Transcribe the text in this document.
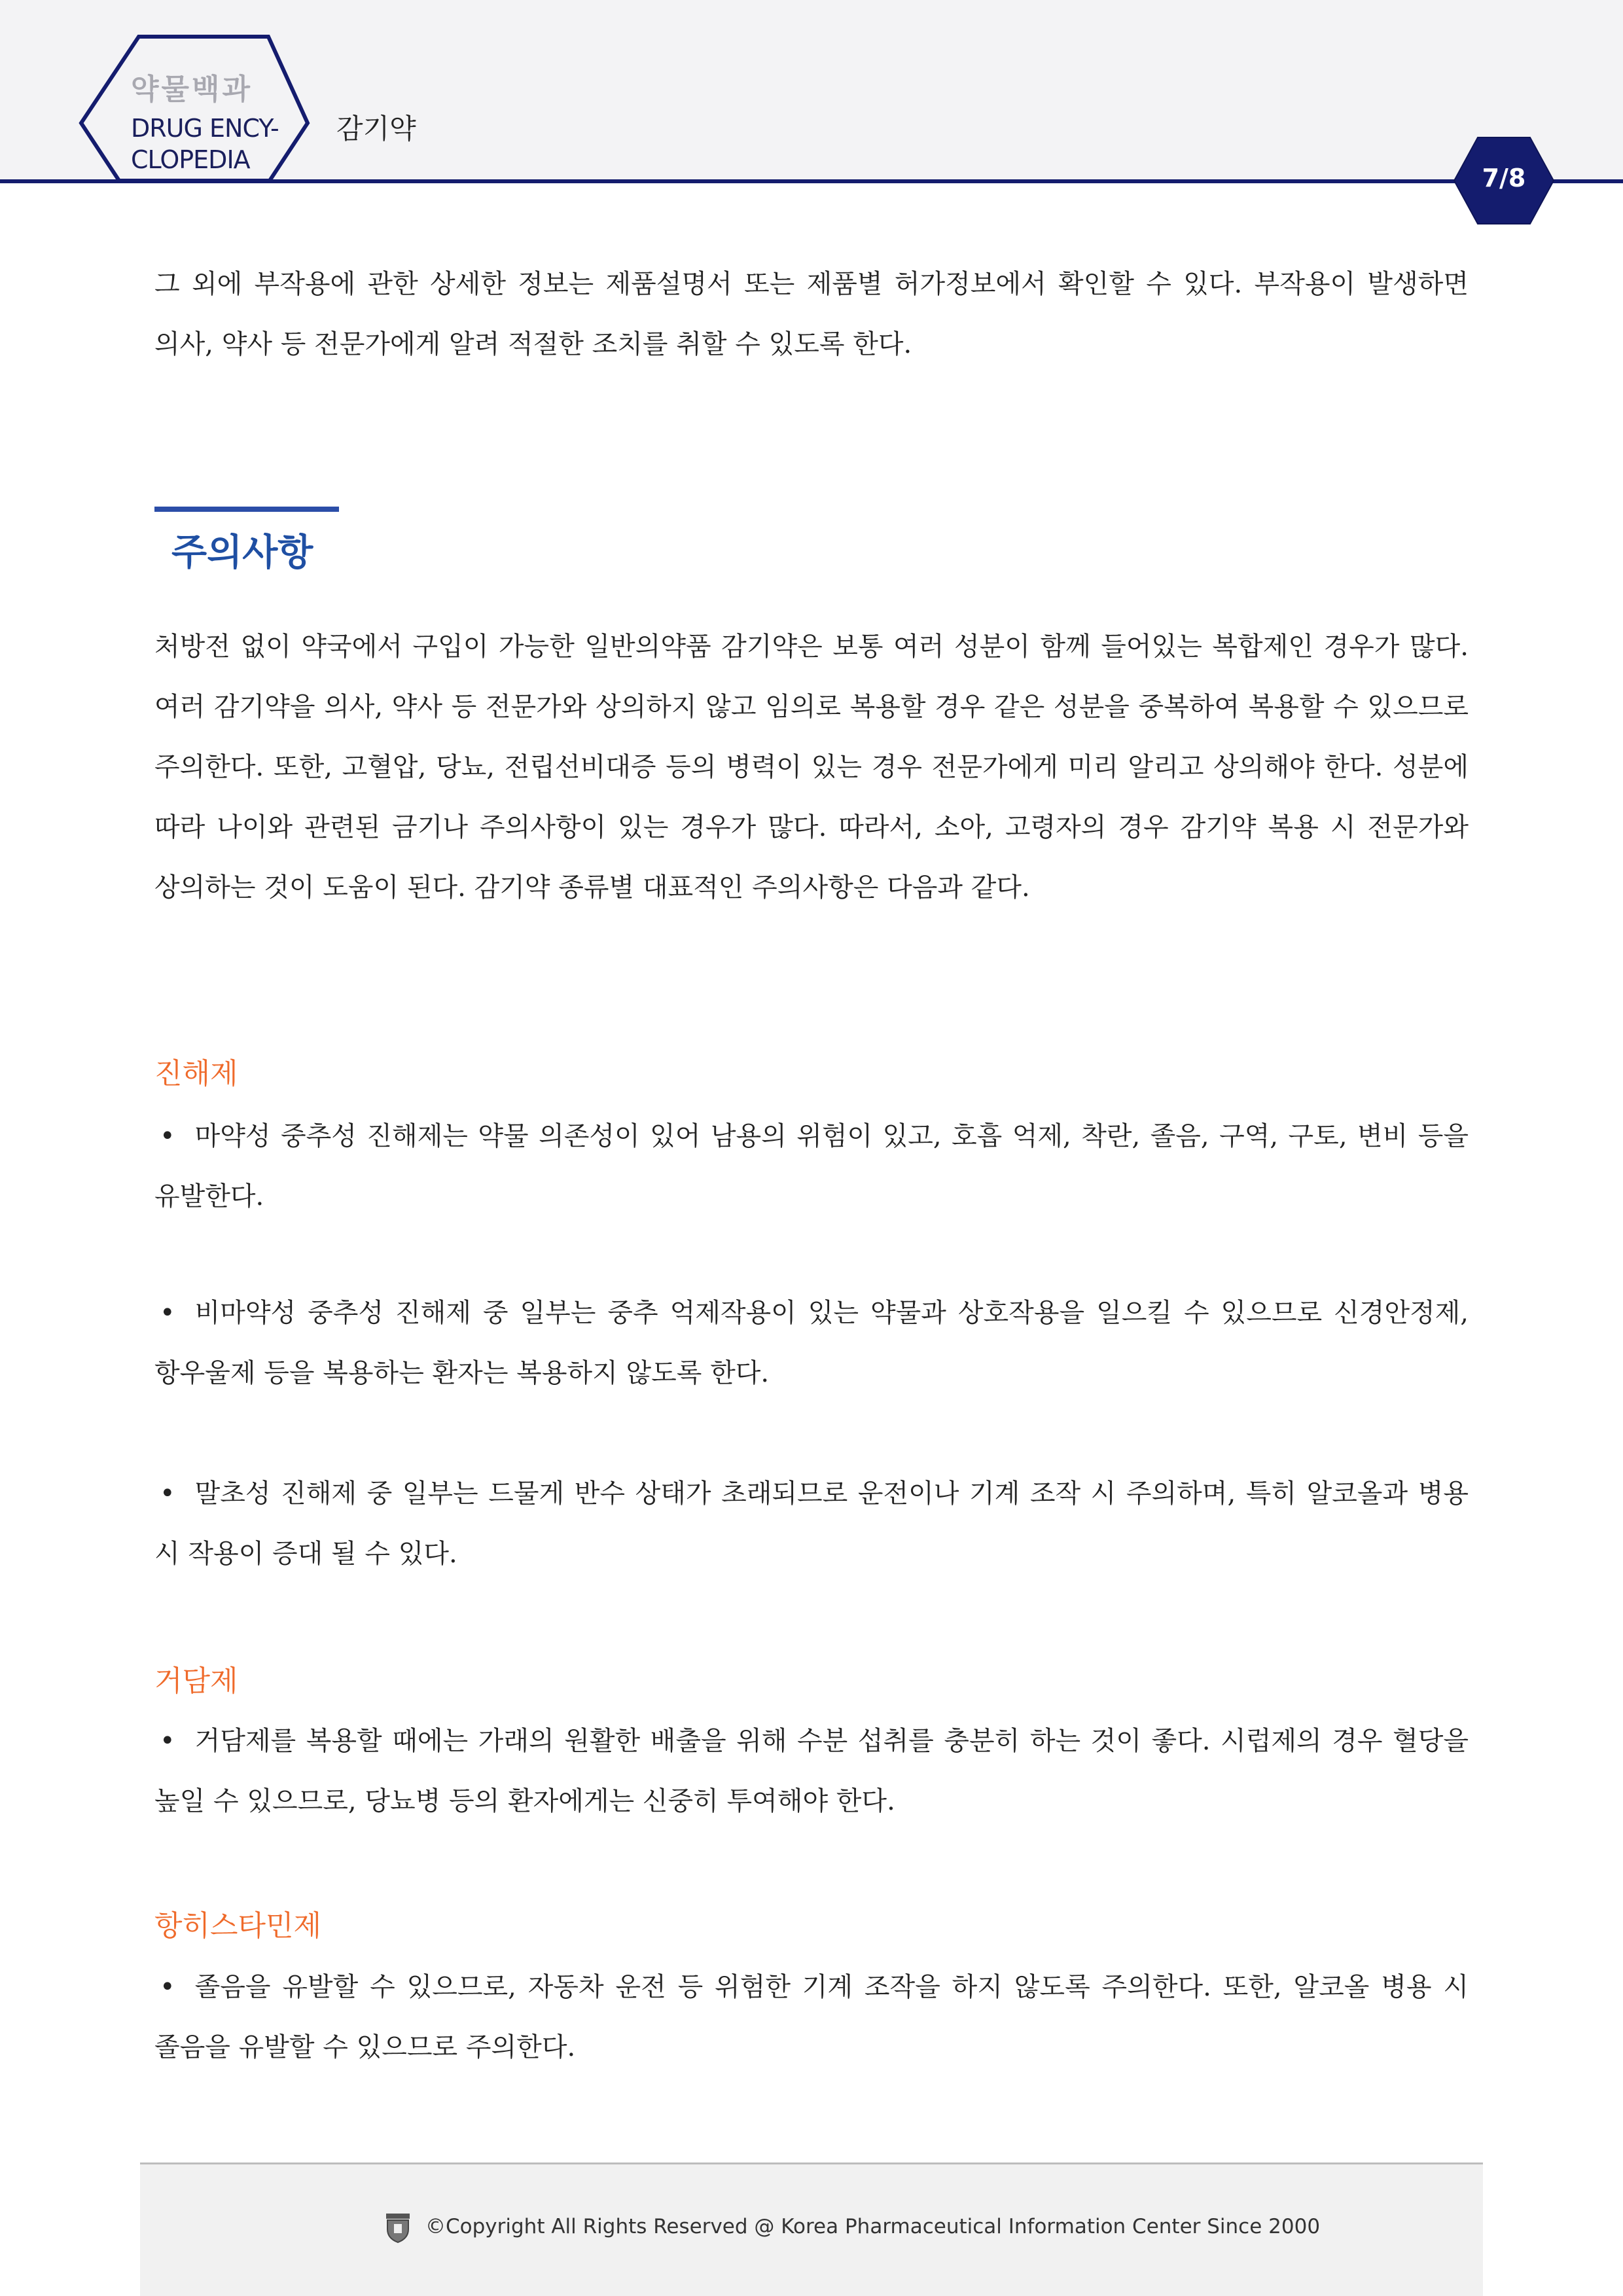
약물백과
DRUG ENCY-
CLOPEDIA
감기약
7/8

그 외에 부작용에 관한 상세한 정보는 제품설명서 또는 제품별 허가정보에서 확인할 수 있다. 부작용이 발생하면 의사, 약사 등 전문가에게 알려 적절한 조치를 취할 수 있도록 한다.

주의사항

처방전 없이 약국에서 구입이 가능한 일반의약품 감기약은 보통 여러 성분이 함께 들어있는 복합제인 경우가 많다. 여러 감기약을 의사, 약사 등 전문가와 상의하지 않고 임의로 복용할 경우 같은 성분을 중복하여 복용할 수 있으므로 주의한다. 또한, 고혈압, 당뇨, 전립선비대증 등의 병력이 있는 경우 전문가에게 미리 알리고 상의해야 한다. 성분에 따라 나이와 관련된 금기나 주의사항이 있는 경우가 많다. 따라서, 소아, 고령자의 경우 감기약 복용 시 전문가와 상의하는 것이 도움이 된다. 감기약 종류별 대표적인 주의사항은 다음과 같다.

진해제

• 마약성 중추성 진해제는 약물 의존성이 있어 남용의 위험이 있고, 호흡 억제, 착란, 졸음, 구역, 구토, 변비 등을 유발한다.

• 비마약성 중추성 진해제 중 일부는 중추 억제작용이 있는 약물과 상호작용을 일으킬 수 있으므로 신경안정제, 항우울제 등을 복용하는 환자는 복용하지 않도록 한다.

• 말초성 진해제 중 일부는 드물게 반수 상태가 초래되므로 운전이나 기계 조작 시 주의하며, 특히 알코올과 병용 시 작용이 증대 될 수 있다.

거담제

• 거담제를 복용할 때에는 가래의 원활한 배출을 위해 수분 섭취를 충분히 하는 것이 좋다. 시럽제의 경우 혈당을 높일 수 있으므로, 당뇨병 등의 환자에게는 신중히 투여해야 한다.

항히스타민제

• 졸음을 유발할 수 있으므로, 자동차 운전 등 위험한 기계 조작을 하지 않도록 주의한다. 또한, 알코올 병용 시 졸음을 유발할 수 있으므로 주의한다.

©Copyright All Rights Reserved @ Korea Pharmaceutical Information Center Since 2000
